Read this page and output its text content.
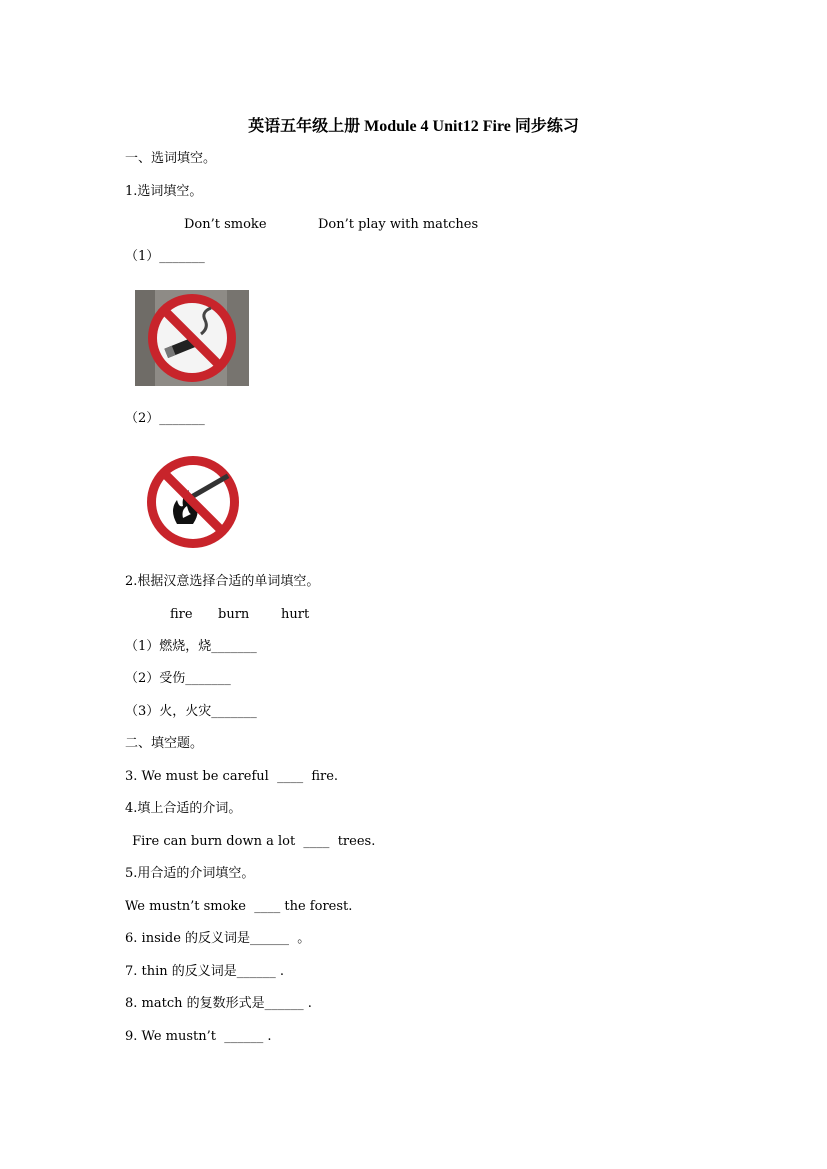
英语五年级上册 Module 4 Unit12 Fire 同步练习
一、选词填空。
1.选词填空。
Don’t smoke	Don’t play with matches
（1）_______
（2）_______
2.根据汉意选择合适的单词填空。
fire burn hurt
（1）燃烧，烧_______
（2）受伤_______
（3）火，火灾_______
二、填空题。
3. We must be careful  ____  fire.
4.填上合适的介词。
Fire can burn down a lot  ____  trees.
5.用合适的介词填空。
We mustn’t smoke  ____ the forest.
6. inside 的反义词是______  。
7. thin 的反义词是______ .
8. match 的复数形式是______ .
9. We mustn’t  ______ .
